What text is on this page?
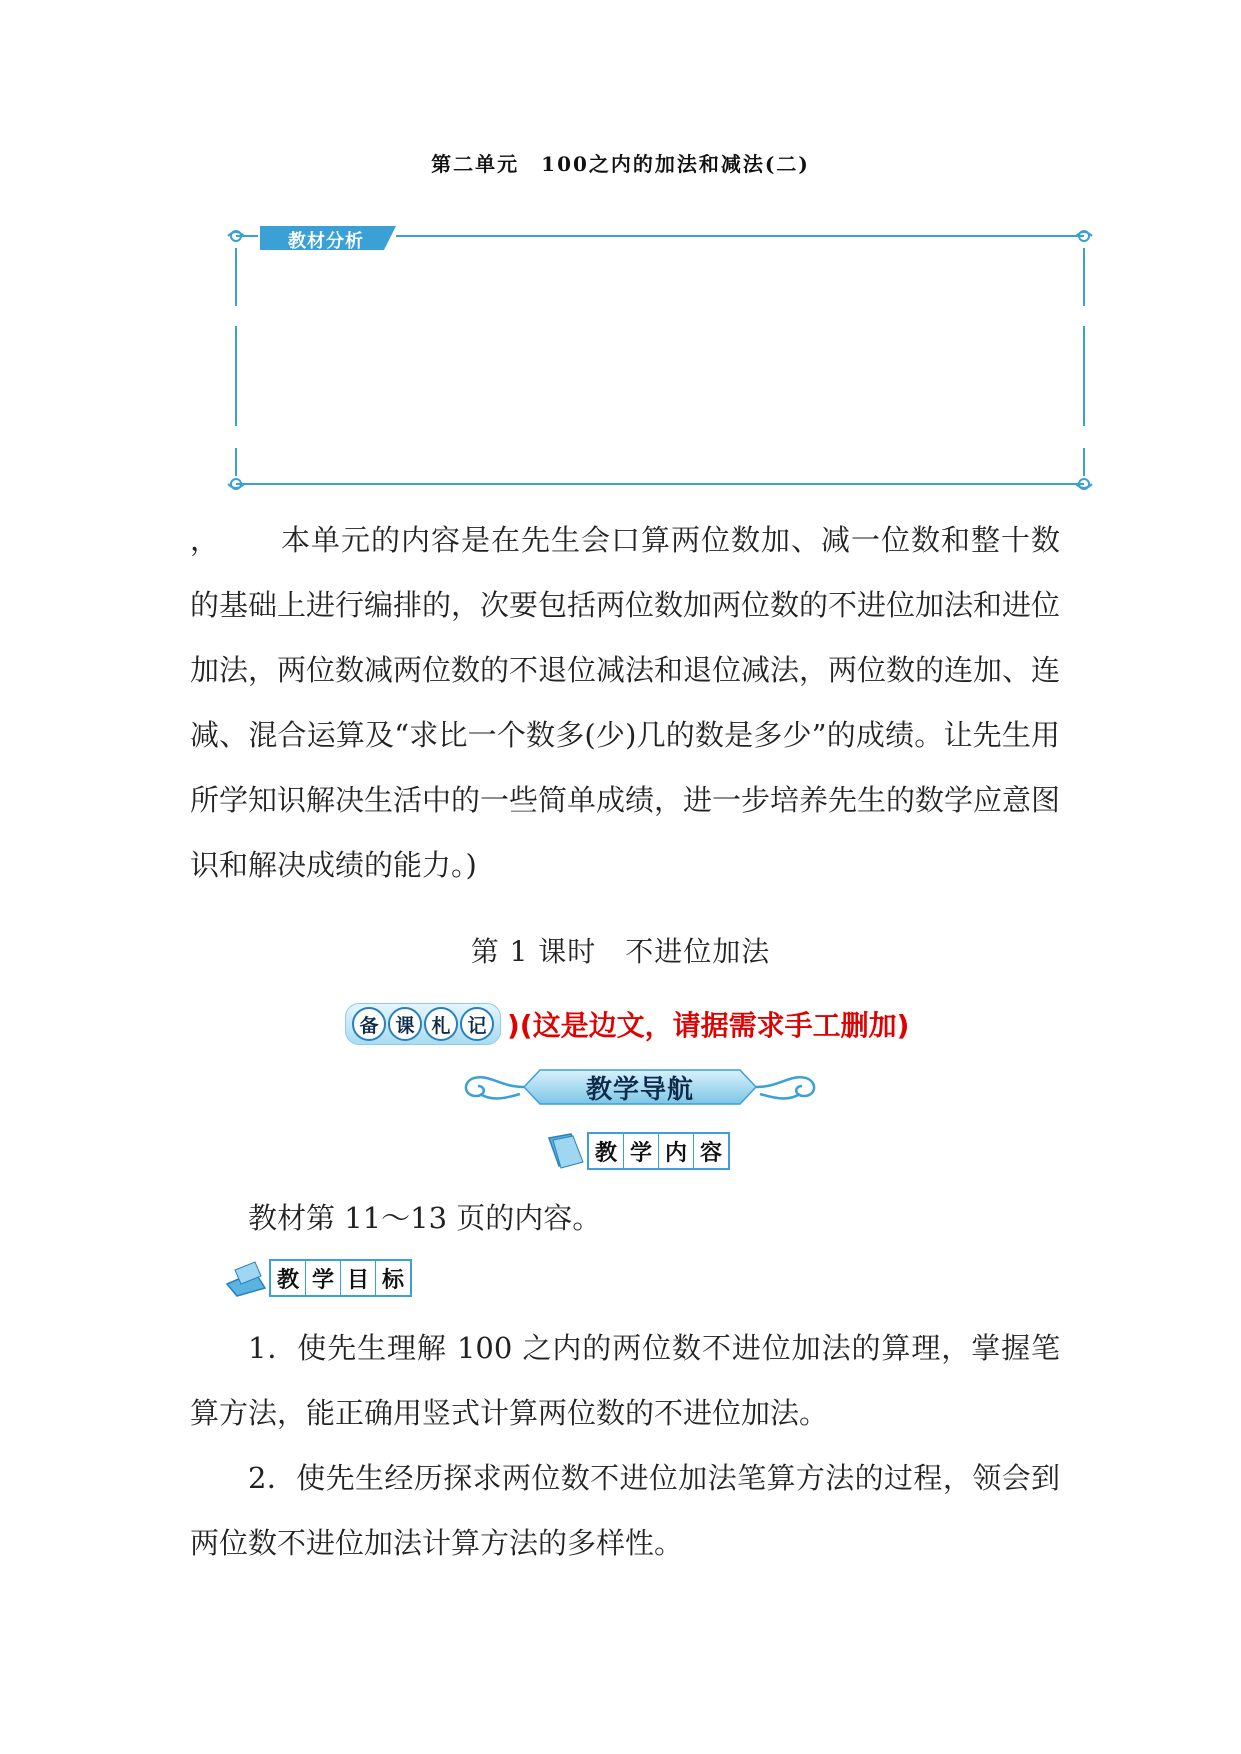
第二单元　100之内的加法和减法(二)
教材分析
， 本单元的内容是在先生会口算两位数加、减一位数和整十数的基础上进行编排的，次要包括两位数加两位数的不进位加法和进位加法，两位数减两位数的不退位减法和退位减法，两位数的连加、连减、混合运算及“求比一个数多(少)几的数是多少”的成绩。让先生用所学知识解决生活中的一些简单成绩，进一步培养先生的数学应意图识和解决成绩的能力。)
第 1 课时　不进位加法
备 课 札 记 )(这是边文，请据需求手工删加)
教学导航
教 学 内 容
教材第 11～13 页的内容。
教 学 目 标
1．使先生理解 100 之内的两位数不进位加法的算理，掌握笔算方法，能正确用竖式计算两位数的不进位加法。
2．使先生经历探求两位数不进位加法笔算方法的过程，领会到两位数不进位加法计算方法的多样性。
